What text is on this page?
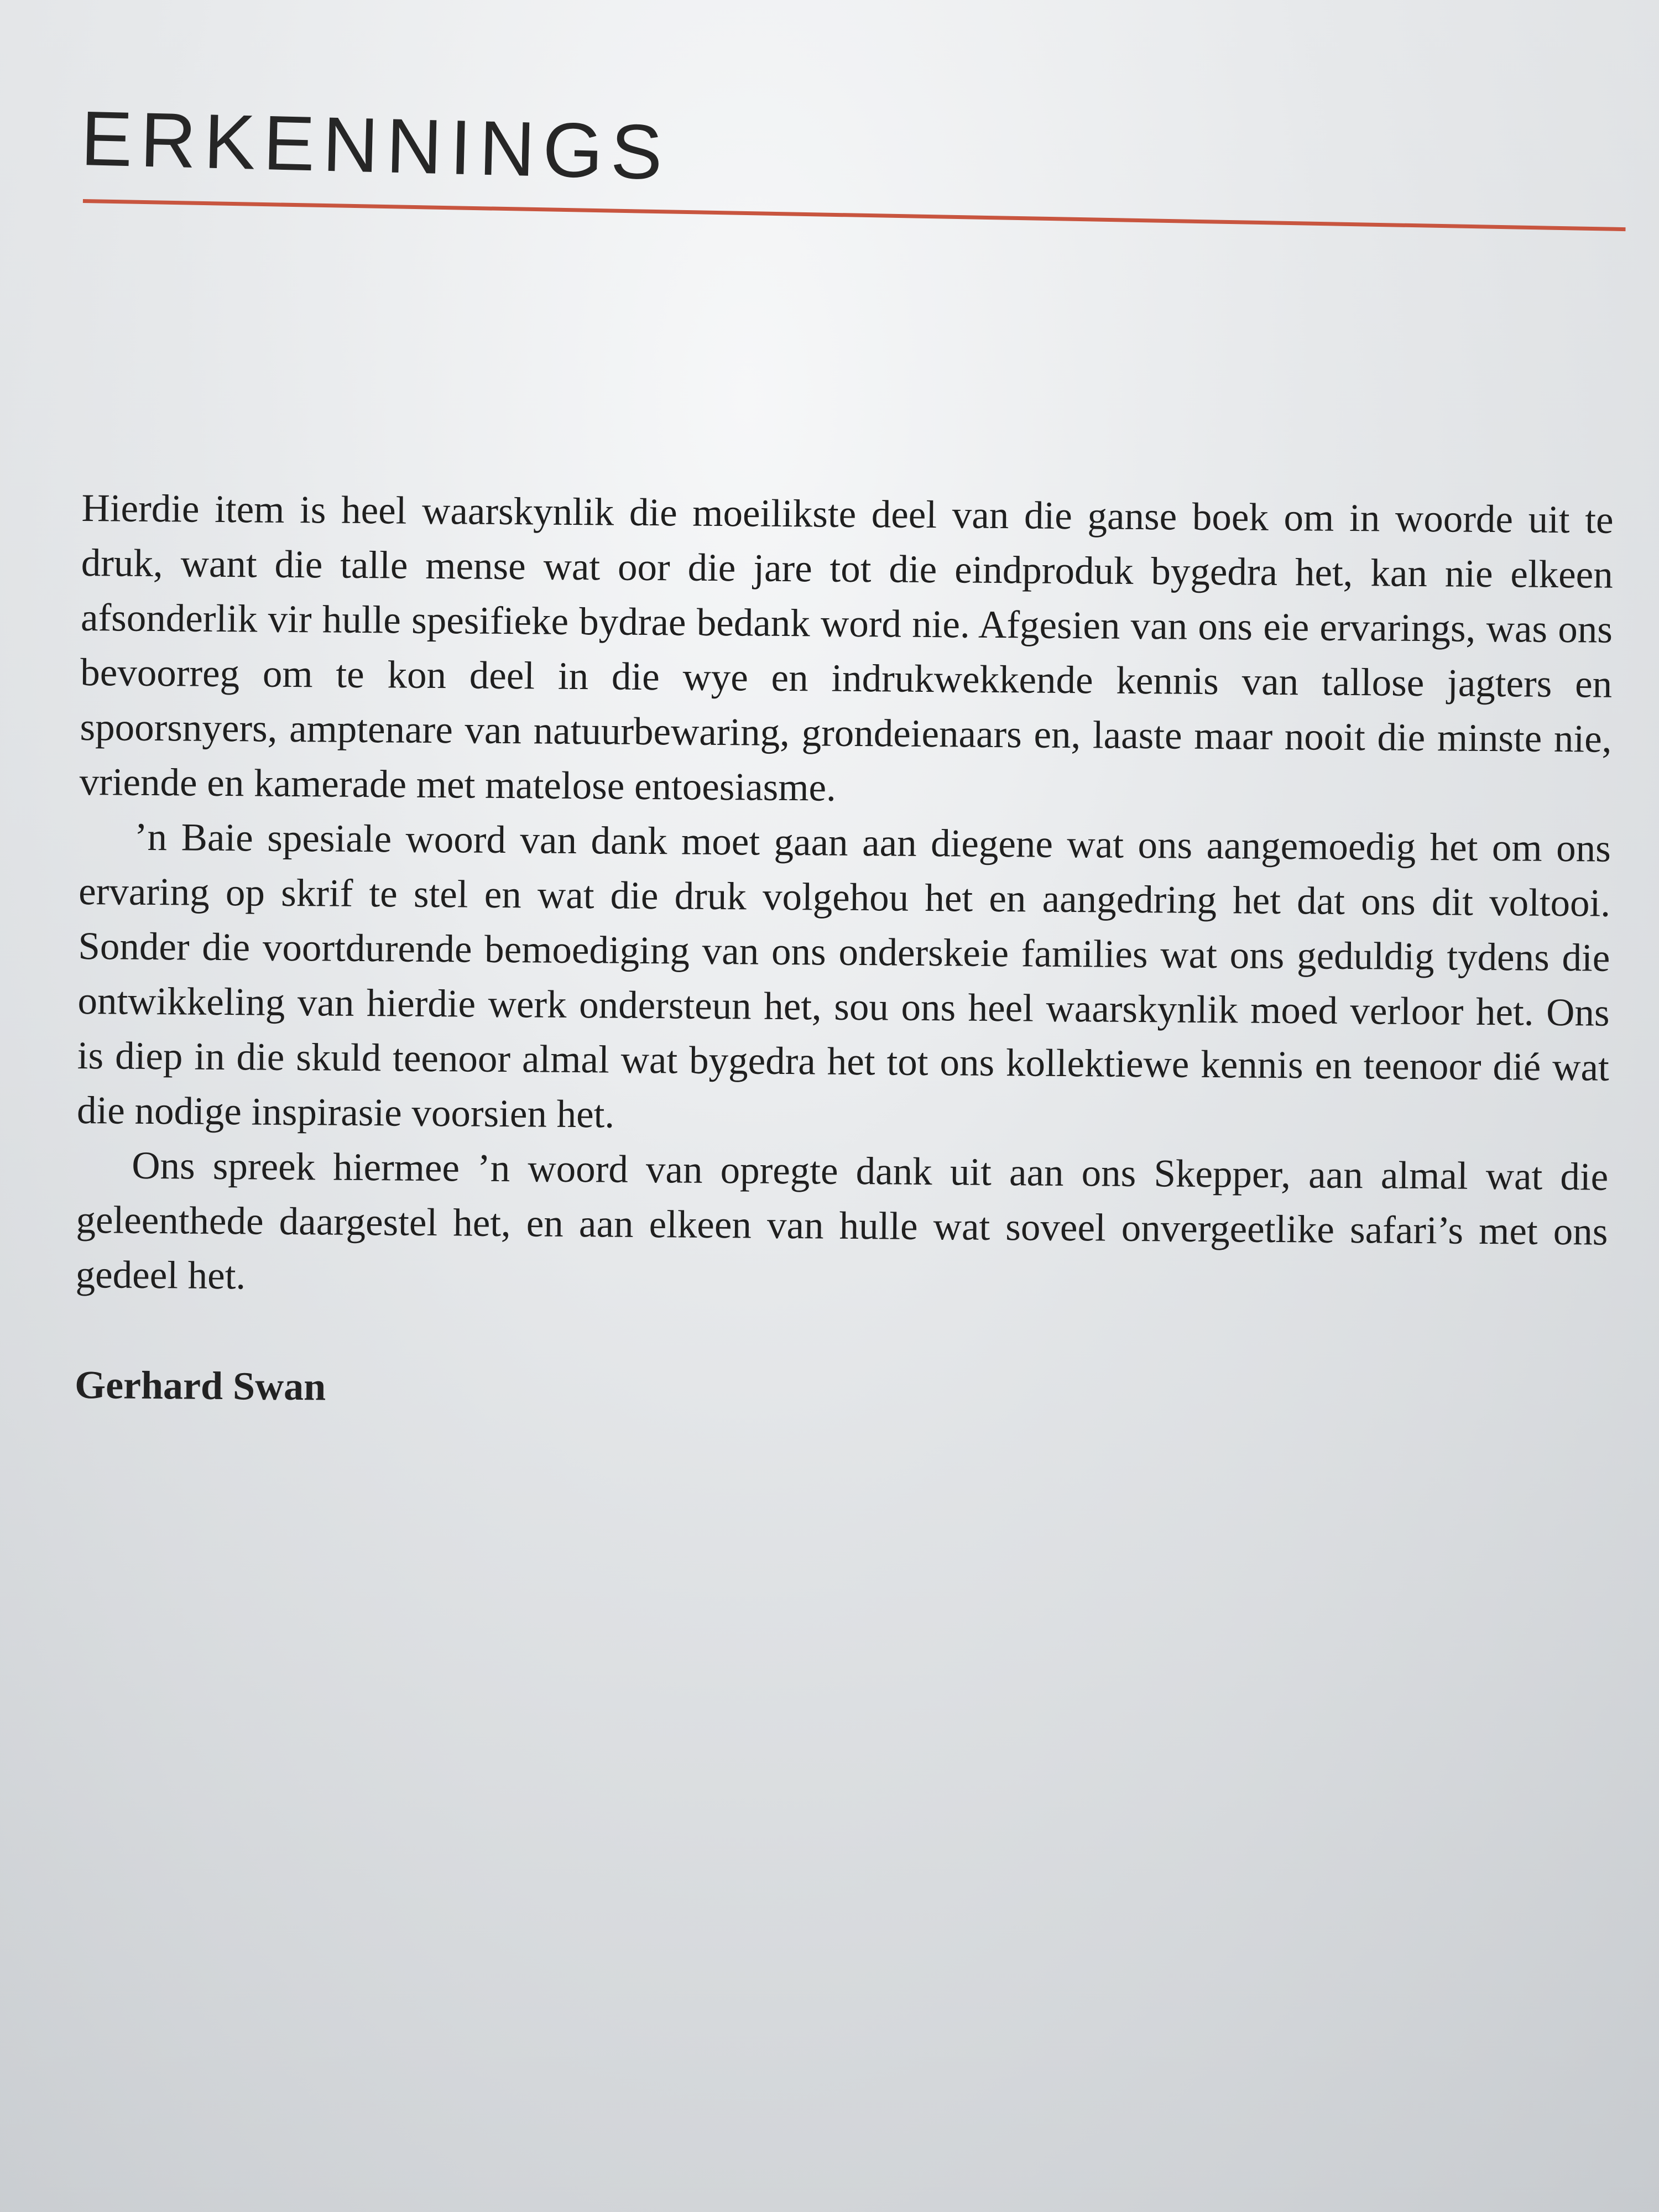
ERKENNINGS

Hierdie item is heel waarskynlik die moeilikste deel van die ganse boek om in woorde uit te druk, want die talle mense wat oor die jare tot die eindproduk bygedra het, kan nie elkeen afsonderlik vir hulle spesifieke bydrae bedank word nie. Afgesien van ons eie ervarings, was ons bevoorreg om te kon deel in die wye en indrukwekkende kennis van tallose jagters en spoorsnyers, amptenare van natuurbewaring, grondeienaars en, laaste maar nooit die minste nie, vriende en kamerade met matelose entoesiasme.

’n Baie spesiale woord van dank moet gaan aan diegene wat ons aangemoedig het om ons ervaring op skrif te stel en wat die druk volgehou het en aangedring het dat ons dit voltooi. Sonder die voortdurende bemoediging van ons onderskeie families wat ons geduldig tydens die ontwikkeling van hierdie werk ondersteun het, sou ons heel waarskynlik moed verloor het. Ons is diep in die skuld teenoor almal wat bygedra het tot ons kollektiewe kennis en teenoor dié wat die nodige inspirasie voorsien het.

Ons spreek hiermee ’n woord van opregte dank uit aan ons Skepper, aan almal wat die geleenthede daargestel het, en aan elkeen van hulle wat soveel onvergeetlike safari’s met ons gedeel het.

Gerhard Swan
